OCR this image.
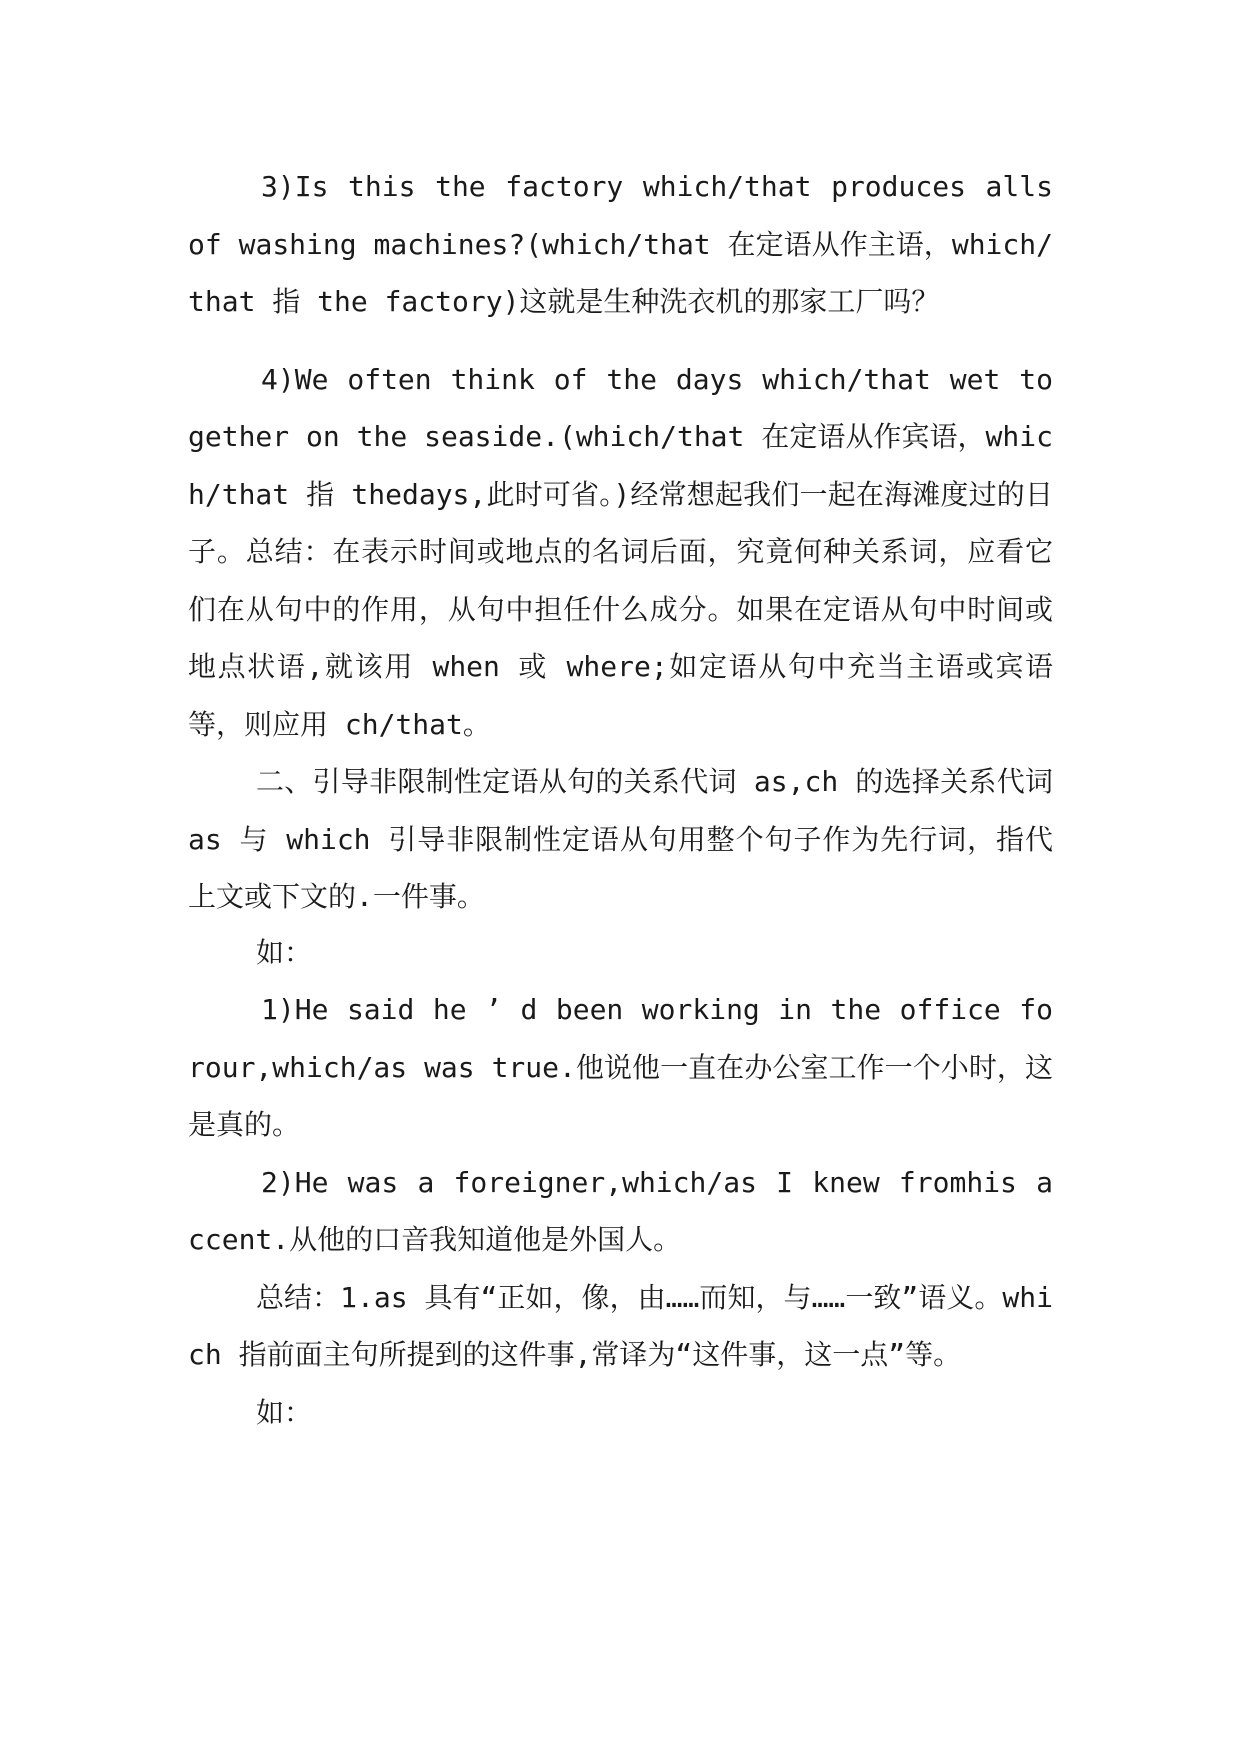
3)Is this the factory which/that produces alls of washing machines?(which/that 在定语从作主语，which/that 指 the factory)这就是生种洗衣机的那家工厂吗？

4)We often think of the days which/that wet together on the seaside.(which/that 在定语从作宾语，which/that 指 thedays,此时可省。)经常想起我们一起在海滩度过的日子。总结：在表示时间或地点的名词后面，究竟何种关系词，应看它们在从句中的作用，从句中担任什么成分。如果在定语从句中时间或地点状语,就该用 when 或 where;如定语从句中充当主语或宾语等，则应用 ch/that。

二、引导非限制性定语从句的关系代词 as,ch 的选择关系代词 as 与 which 引导非限制性定语从句用整个句子作为先行词，指代上文或下文的.一件事。

如：

1)He said he ’ d been working in the office forour,which/as was true.他说他一直在办公室工作一个小时，这是真的。

2)He was a foreigner,which/as I knew fromhis accent.从他的口音我知道他是外国人。

总结：1.as 具有“正如，像，由……而知，与……一致”语义。which 指前面主句所提到的这件事,常译为“这件事，这一点”等。

如：
